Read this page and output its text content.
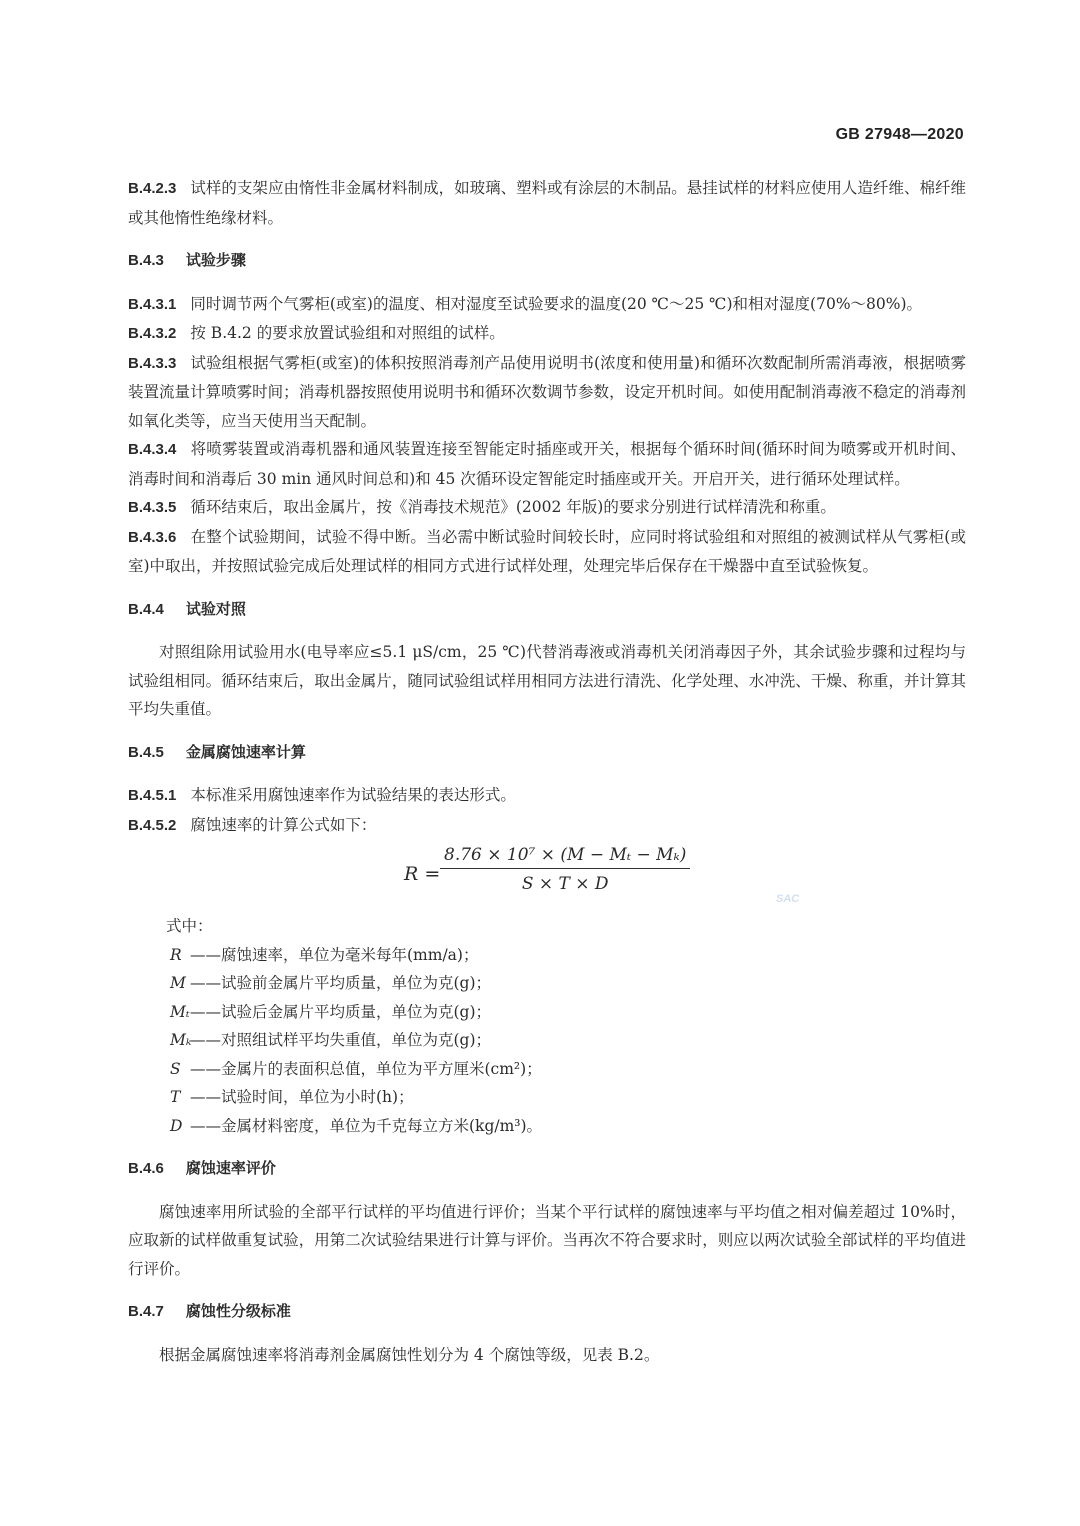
GB 27948—2020
SAC

B.4.2.3 试样的支架应由惰性非金属材料制成，如玻璃、塑料或有涂层的木制品。悬挂试样的材料应使用人造纤维、棉纤维或其他惰性绝缘材料。

B.4.3 试验步骤

B.4.3.1 同时调节两个气雾柜(或室)的温度、相对湿度至试验要求的温度(20 ℃～25 ℃)和相对湿度(70%～80%)。

B.4.3.2 按 B.4.2 的要求放置试验组和对照组的试样。

B.4.3.3 试验组根据气雾柜(或室)的体积按照消毒剂产品使用说明书(浓度和使用量)和循环次数配制所需消毒液，根据喷雾装置流量计算喷雾时间；消毒机器按照使用说明书和循环次数调节参数，设定开机时间。如使用配制消毒液不稳定的消毒剂如氧化类等，应当天使用当天配制。

B.4.3.4 将喷雾装置或消毒机器和通风装置连接至智能定时插座或开关，根据每个循环时间(循环时间为喷雾或开机时间、消毒时间和消毒后 30 min 通风时间总和)和 45 次循环设定智能定时插座或开关。开启开关，进行循环处理试样。

B.4.3.5 循环结束后，取出金属片，按《消毒技术规范》(2002 年版)的要求分别进行试样清洗和称重。

B.4.3.6 在整个试验期间，试验不得中断。当必需中断试验时间较长时，应同时将试验组和对照组的被测试样从气雾柜(或室)中取出，并按照试验完成后处理试样的相同方式进行试样处理，处理完毕后保存在干燥器中直至试验恢复。

B.4.4 试验对照

对照组除用试验用水(电导率应≤5.1 μS/cm，25 ℃)代替消毒液或消毒机关闭消毒因子外，其余试验步骤和过程均与试验组相同。循环结束后，取出金属片，随同试验组试样用相同方法进行清洗、化学处理、水冲洗、干燥、称重，并计算其平均失重值。

B.4.5 金属腐蚀速率计算

B.4.5.1 本标准采用腐蚀速率作为试验结果的表达形式。

B.4.5.2 腐蚀速率的计算公式如下：

$R = \frac{\text{8.76 × 10⁷ × (M − Mₜ − Mₖ)}}{S \times T \times D}$

式中：

R ——腐蚀速率，单位为毫米每年(mm/a)；
M ——试验前金属片平均质量，单位为克(g)；
Mₜ ——试验后金属片平均质量，单位为克(g)；
Mₖ
——对照组试样平均失重值，单位为克(g)；
S ——金属片的表面积总值，单位为平方厘米(cm²)；
T ——试验时间，单位为小时(h)；
D ——金属材料密度，单位为千克每立方米(kg/m³)。

B.4.6 腐蚀速率评价

腐蚀速率用所试验的全部平行试样的平均值进行评价；当某个平行试样的腐蚀速率与平均值之相对偏差超过 10%时，应取新的试样做重复试验，用第二次试验结果进行计算与评价。当再次不符合要求时，则应以两次试验全部试样的平均值进行评价。

B.4.7 腐蚀性分级标准

根据金属腐蚀速率将消毒剂金属腐蚀性划分为 4 个腐蚀等级，见表 B.2。
